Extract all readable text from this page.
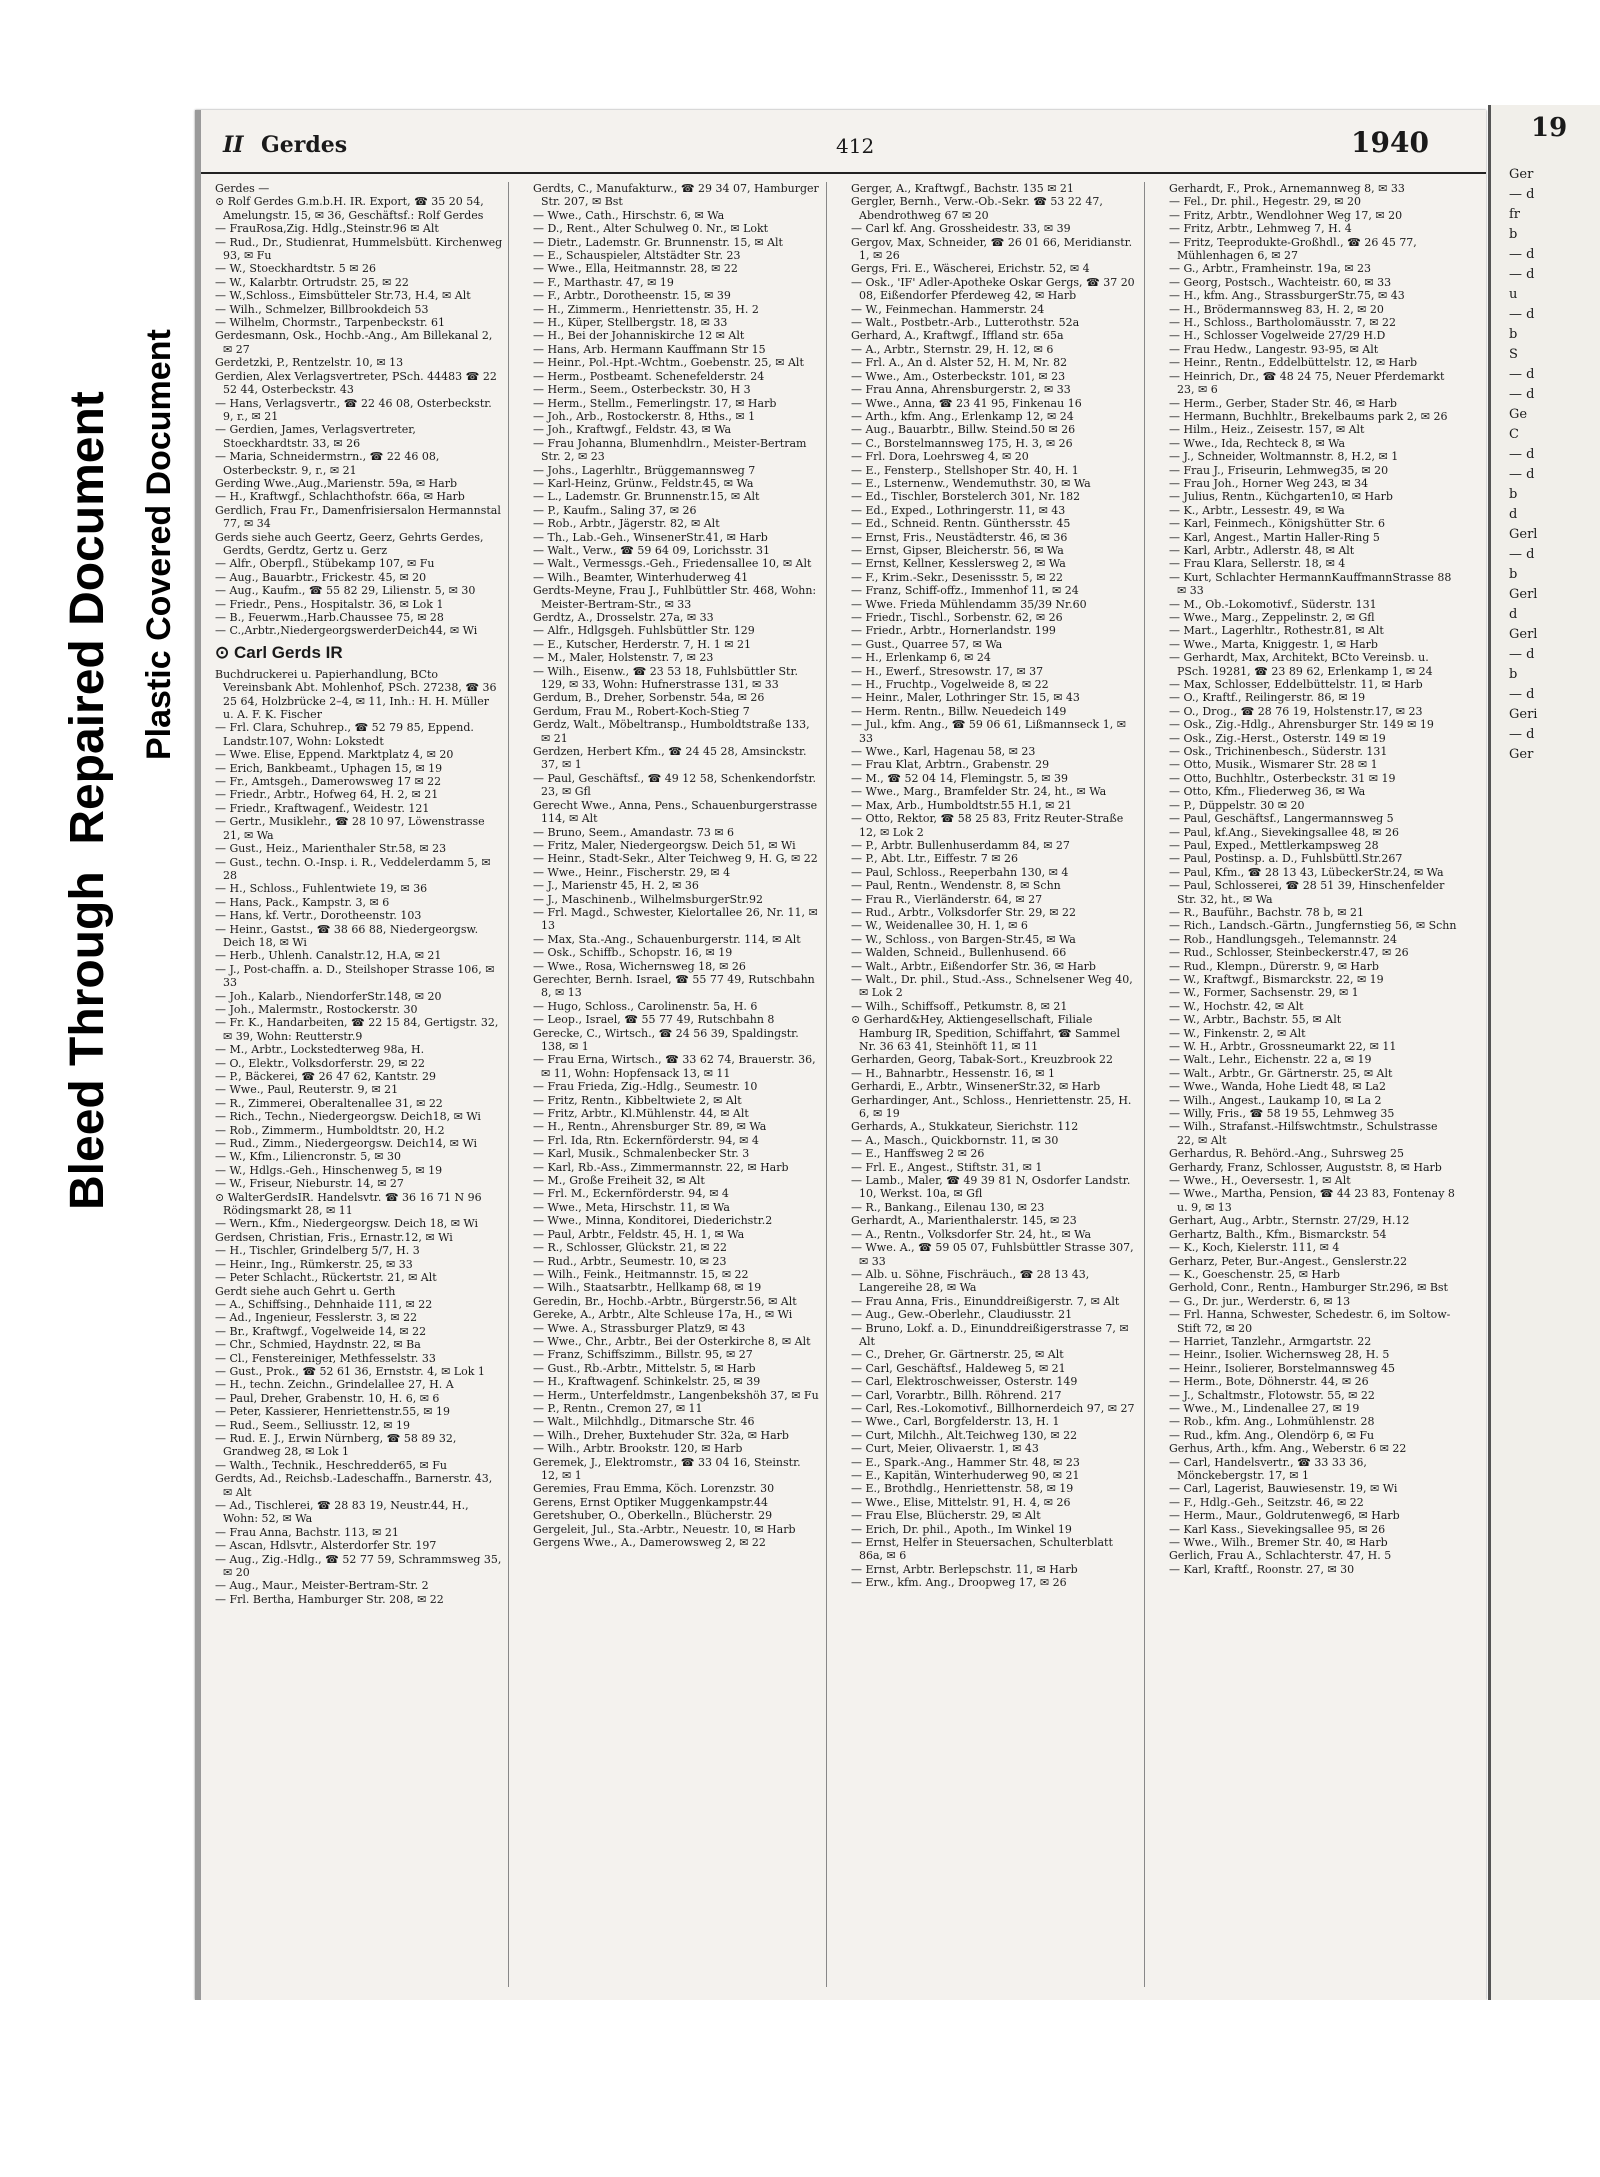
Bleed Through  Repaired Document Plastic Covered Document
II Gerdes	412	1940

Gerdes —

⊙ Rolf Gerdes G.m.b.H. IR. Export, ☎ 35 20 54, Amelungstr. 15, ✉ 36, Geschäftsf.: Rolf Gerdes

— FrauRosa,Zig. Hdlg.,Steinstr.96 ✉ Alt

— Rud., Dr., Studienrat, Hummelsbütt. Kirchenweg 93, ✉ Fu

— W., Stoeckhardtstr. 5 ✉ 26

— W., Kalarbtr. Ortrudstr. 25, ✉ 22

— W.,Schloss., Eimsbütteler Str.73, H.4, ✉ Alt

— Wilh., Schmelzer, Billbrookdeich 53

— Wilhelm, Chormstr., Tarpenbeckstr. 61

Gerdesmann, Osk., Hochb.-Ang., Am Billekanal 2, ✉ 27

Gerdetzki, P., Rentzelstr. 10, ✉ 13

Gerdien, Alex Verlagsvertreter, PSch. 44483 ☎ 22 52 44, Osterbeckstr. 43

— Hans, Verlagsvertr., ☎ 22 46 08, Osterbeckstr. 9, r., ✉ 21

— Gerdien, James, Verlagsvertreter, Stoeckhardtstr. 33, ✉ 26

— Maria, Schneidermstrn., ☎ 22 46 08, Osterbeckstr. 9, r., ✉ 21

Gerding Wwe.,Aug.,Marienstr. 59a, ✉ Harb

— H., Kraftwgf., Schlachthofstr. 66a, ✉ Harb

Gerdlich, Frau Fr., Damenfrisiersalon Hermannstal 77, ✉ 34

Gerds siehe auch Geertz, Geerz, Gehrts Gerdes, Gerdts, Gerdtz, Gertz u. Gerz

— Alfr., Oberpfl., Stübekamp 107, ✉ Fu

— Aug., Bauarbtr., Frickestr. 45, ✉ 20

— Aug., Kaufm., ☎ 55 82 29, Lilienstr. 5, ✉ 30

— Friedr., Pens., Hospitalstr. 36, ✉ Lok 1

— B., Feuerwm.,Harb.Chaussee 75, ✉ 28

— C.,Arbtr.,NiedergeorgswerderDeich44, ✉ Wi

⊙ Carl Gerds IR

Buchdruckerei u. Papierhandlung, BCto Vereinsbank Abt. Mohlenhof, PSch. 27238, ☎ 36 25 64, Holzbrücke 2–4, ✉ 11, Inh.: H. H. Müller u. A. F. K. Fischer

— Frl. Clara, Schuhrep., ☎ 52 79 85, Eppend. Landstr.107, Wohn: Lokstedt

— Wwe. Elise, Eppend. Marktplatz 4, ✉ 20

— Erich, Bankbeamt., Uphagen 15, ✉ 19

— Fr., Amtsgeh., Damerowsweg 17 ✉ 22

— Friedr., Arbtr., Hofweg 64, H. 2, ✉ 21

— Friedr., Kraftwagenf., Weidestr. 121

— Gertr., Musiklehr., ☎ 28 10 97, Löwenstrasse 21, ✉ Wa

— Gust., Heiz., Marienthaler Str.58, ✉ 23

— Gust., techn. O.-Insp. i. R., Veddelerdamm 5, ✉ 28

— H., Schloss., Fuhlentwiete 19, ✉ 36

— Hans, Pack., Kampstr. 3, ✉ 6

— Hans, kf. Vertr., Dorotheenstr. 103

— Heinr., Gastst., ☎ 38 66 88, Niedergeorgsw. Deich 18, ✉ Wi

— Herb., Uhlenh. Canalstr.12, H.A, ✉ 21

— J., Post-chaffn. a. D., Steilshoper Strasse 106, ✉ 33

— Joh., Kalarb., NiendorferStr.148, ✉ 20

— Joh., Malermstr., Rostockerstr. 30

— Fr. K., Handarbeiten, ☎ 22 15 84, Gertigstr. 32, ✉ 39, Wohn: Reutterstr.9

— M., Arbtr., Lockstedterweg 98a, H.

— O., Elektr., Volksdorferstr. 29, ✉ 22

— P., Bäckerei, ☎ 26 47 62, Kantstr. 29

— Wwe., Paul, Reuterstr. 9, ✉ 21

— R., Zimmerei, Oberaltenallee 31, ✉ 22

— Rich., Techn., Niedergeorgsw. Deich18, ✉ Wi

— Rob., Zimmerm., Humboldtstr. 20, H.2

— Rud., Zimm., Niedergeorgsw. Deich14, ✉ Wi

— W., Kfm., Liliencronstr. 5, ✉ 30

— W., Hdlgs.-Geh., Hinschenweg 5, ✉ 19

— W., Friseur, Nieburstr. 14, ✉ 27

⊙ WalterGerdsIR. Handelsvtr. ☎ 36 16 71 N 96 Rödingsmarkt 28, ✉ 11

— Wern., Kfm., Niedergeorgsw. Deich 18, ✉ Wi

Gerdsen, Christian, Fris., Ernastr.12, ✉ Wi

— H., Tischler, Grindelberg 5/7, H. 3

— Heinr., Ing., Rümkerstr. 25, ✉ 33

— Peter Schlacht., Rückertstr. 21, ✉ Alt

Gerdt siehe auch Gehrt u. Gerth

— A., Schiffsing., Dehnhaide 111, ✉ 22

— Ad., Ingenieur, Fesslerstr. 3, ✉ 22

— Br., Kraftwgf., Vogelweide 14, ✉ 22

— Chr., Schmied, Haydnstr. 22, ✉ Ba

— Cl., Fenstereiniger, Methfesselstr. 33

— Gust., Prok., ☎ 52 61 36, Ernststr. 4, ✉ Lok 1

— H., techn. Zeichn., Grindelallee 27, H. A

— Paul, Dreher, Grabenstr. 10, H. 6, ✉ 6

— Peter, Kassierer, Henriettenstr.55, ✉ 19

— Rud., Seem., Selliusstr. 12, ✉ 19

— Rud. E. J., Erwin Nürnberg, ☎ 58 89 32, Grandweg 28, ✉ Lok 1

— Walth., Technik., Heschredder65, ✉ Fu

Gerdts, Ad., Reichsb.-Ladeschaffn., Barnerstr. 43, ✉ Alt

— Ad., Tischlerei, ☎ 28 83 19, Neustr.44, H., Wohn: 52, ✉ Wa

— Frau Anna, Bachstr. 113, ✉ 21

— Ascan, Hdlsvtr., Alsterdorfer Str. 197

— Aug., Zig.-Hdlg., ☎ 52 77 59, Schrammsweg 35, ✉ 20

— Aug., Maur., Meister-Bertram-Str. 2

— Frl. Bertha, Hamburger Str. 208, ✉ 22

Gerdts, C., Manufakturw., ☎ 29 34 07, Hamburger Str. 207, ✉ Bst

— Wwe., Cath., Hirschstr. 6, ✉ Wa

— D., Rent., Alter Schulweg 0. Nr., ✉ Lokt

— Dietr., Lademstr. Gr. Brunnenstr. 15, ✉ Alt

— E., Schauspieler, Altstädter Str. 23

— Wwe., Ella, Heitmannstr. 28, ✉ 22

— F., Marthastr. 47, ✉ 19

— F., Arbtr., Dorotheenstr. 15, ✉ 39

— H., Zimmerm., Henriettenstr. 35, H. 2

— H., Küper, Stellbergstr. 18, ✉ 33

— H., Bei der Johanniskirche 12 ✉ Alt

— Hans, Arb. Hermann Kauffmann Str 15

— Heinr., Pol.-Hpt.-Wchtm., Goebenstr. 25, ✉ Alt

— Herm., Postbeamt. Schenefelderstr. 24

— Herm., Seem., Osterbeckstr. 30, H 3

— Herm., Stellm., Femerlingstr. 17, ✉ Harb

— Joh., Arb., Rostockerstr. 8, Hths., ✉ 1

— Joh., Kraftwgf., Feldstr. 43, ✉ Wa

— Frau Johanna, Blumenhdlrn., Meister-Bertram Str. 2, ✉ 23

— Johs., Lagerhltr., Brüggemannsweg 7

— Karl-Heinz, Grünw., Feldstr.45, ✉ Wa

— L., Lademstr. Gr. Brunnenstr.15, ✉ Alt

— P., Kaufm., Saling 37, ✉ 26

— Rob., Arbtr., Jägerstr. 82, ✉ Alt

— Th., Lab.-Geh., WinsenerStr.41, ✉ Harb

— Walt., Verw., ☎ 59 64 09, Lorichsstr. 31

— Walt., Vermessgs.-Geh., Friedensallee 10, ✉ Alt

— Wilh., Beamter, Winterhuderweg 41

Gerdts-Meyne, Frau J., Fuhlbüttler Str. 468, Wohn: Meister-Bertram-Str., ✉ 33

Gerdtz, A., Drosselstr. 27a, ✉ 33

— Alfr., Hdlgsgeh. Fuhlsbüttler Str. 129

— E., Kutscher, Herderstr. 7, H. 1 ✉ 21

— M., Maler, Holstenstr. 7, ✉ 23

— Wilh., Eisenw., ☎ 23 53 18, Fuhlsbüttler Str. 129, ✉ 33, Wohn: Hufnerstrasse 131, ✉ 33

Gerdum, B., Dreher, Sorbenstr. 54a, ✉ 26

Gerdum, Frau M., Robert-Koch-Stieg 7

Gerdz, Walt., Möbeltransp., Humboldtstraße 133, ✉ 21

Gerdzen, Herbert Kfm., ☎ 24 45 28, Amsinckstr. 37, ✉ 1

— Paul, Geschäftsf., ☎ 49 12 58, Schenkendorfstr. 23, ✉ Gfl

Gerecht Wwe., Anna, Pens., Schauenburgerstrasse 114, ✉ Alt

— Bruno, Seem., Amandastr. 73 ✉ 6

— Fritz, Maler, Niedergeorgsw. Deich 51, ✉ Wi

— Heinr., Stadt-Sekr., Alter Teichweg 9, H. G, ✉ 22

— Wwe., Heinr., Fischerstr. 29, ✉ 4

— J., Marienstr 45, H. 2, ✉ 36

— J., Maschinenb., WilhelmsburgerStr.92

— Frl. Magd., Schwester, Kielortallee 26, Nr. 11, ✉ 13

— Max, Sta.-Ang., Schauenburgerstr. 114, ✉ Alt

— Osk., Schiffb., Schopstr. 16, ✉ 19

— Wwe., Rosa, Wichernsweg 18, ✉ 26

Gerechter, Bernh. Israel, ☎ 55 77 49, Rutschbahn 8, ✉ 13

— Hugo, Schloss., Carolinenstr. 5a, H. 6

— Leop., Israel, ☎ 55 77 49, Rutschbahn 8

Gerecke, C., Wirtsch., ☎ 24 56 39, Spaldingstr. 138, ✉ 1

— Frau Erna, Wirtsch., ☎ 33 62 74, Brauerstr. 36, ✉ 11, Wohn: Hopfensack 13, ✉ 11

— Frau Frieda, Zig.-Hdlg., Seumestr. 10

— Fritz, Rentn., Kibbeltwiete 2, ✉ Alt

— Fritz, Arbtr., Kl.Mühlenstr. 44, ✉ Alt

— H., Rentn., Ahrensburger Str. 89, ✉ Wa

— Frl. Ida, Rtn. Eckernförderstr. 94, ✉ 4

— Karl, Musik., Schmalenbecker Str. 3

— Karl, Rb.-Ass., Zimmermannstr. 22, ✉ Harb

— M., Große Freiheit 32, ✉ Alt

— Frl. M., Eckernförderstr. 94, ✉ 4

— Wwe., Meta, Hirschstr. 11, ✉ Wa

— Wwe., Minna, Konditorei, Diederichstr.2

— Paul, Arbtr., Feldstr. 45, H. 1, ✉ Wa

— R., Schlosser, Glückstr. 21, ✉ 22

— Rud., Arbtr., Seumestr. 10, ✉ 23

— Wilh., Feink., Heitmannstr. 15, ✉ 22

— Wilh., Staatsarbtr., Hellkamp 68, ✉ 19

Geredin, Br., Hochb.-Arbtr., Bürgerstr.56, ✉ Alt

Gereke, A., Arbtr., Alte Schleuse 17a, H., ✉ Wi

— Wwe. A., Strassburger Platz9, ✉ 43

— Wwe., Chr., Arbtr., Bei der Osterkirche 8, ✉ Alt

— Franz, Schiffszimm., Billstr. 95, ✉ 27

— Gust., Rb.-Arbtr., Mittelstr. 5, ✉ Harb

— H., Kraftwagenf. Schinkelstr. 25, ✉ 39

— Herm., Unterfeldmstr., Langenbekshöh 37, ✉ Fu

— P., Rentn., Cremon 27, ✉ 11

— Walt., Milchhdlg., Ditmarsche Str. 46

— Wilh., Dreher, Buxtehuder Str. 32a, ✉ Harb

— Wilh., Arbtr. Brookstr. 120, ✉ Harb

Geremek, J., Elektromstr., ☎ 33 04 16, Steinstr. 12, ✉ 1

Geremies, Frau Emma, Köch. Lorenzstr. 30

Gerens, Ernst Optiker Muggenkampstr.44

Geretshuber, O., Oberkelln., Blücherstr. 29

Gergeleit, Jul., Sta.-Arbtr., Neuestr. 10, ✉ Harb

Gergens Wwe., A., Damerowsweg 2, ✉ 22

Gerger, A., Kraftwgf., Bachstr. 135 ✉ 21

Gergler, Bernh., Verw.-Ob.-Sekr. ☎ 53 22 47, Abendrothweg 67 ✉ 20

— Carl kf. Ang. Grossheidestr. 33, ✉ 39

Gergov, Max, Schneider, ☎ 26 01 66, Meridianstr. 1, ✉ 26

Gergs, Fri. E., Wäscherei, Erichstr. 52, ✉ 4

— Osk., 'IF' Adler-Apotheke Oskar Gergs, ☎ 37 20 08, Eißendorfer Pferdeweg 42, ✉ Harb

— W., Feinmechan. Hammerstr. 24

— Walt., Postbetr.-Arb., Lutterothstr. 52a

Gerhard, A., Kraftwgf., Iffland str. 65a

— A., Arbtr., Sternstr. 29, H. 12, ✉ 6

— Frl. A., An d. Alster 52, H. M, Nr. 82

— Wwe., Am., Osterbeckstr. 101, ✉ 23

— Frau Anna, Ahrensburgerstr. 2, ✉ 33

— Wwe., Anna, ☎ 23 41 95, Finkenau 16

— Arth., kfm. Ang., Erlenkamp 12, ✉ 24

— Aug., Bauarbtr., Billw. Steind.50 ✉ 26

— C., Borstelmannsweg 175, H. 3, ✉ 26

— Frl. Dora, Loehrsweg 4, ✉ 20

— E., Fensterp., Stellshoper Str. 40, H. 1

— E., Lsternenw., Wendemuthstr. 30, ✉ Wa

— Ed., Tischler, Borstelerch 301, Nr. 182

— Ed., Exped., Lothringerstr. 11, ✉ 43

— Ed., Schneid. Rentn. Günthersstr. 45

— Ernst, Fris., Neustädterstr. 46, ✉ 36

— Ernst, Gipser, Bleicherstr. 56, ✉ Wa

— Ernst, Kellner, Kesslersweg 2, ✉ Wa

— F., Krim.-Sekr., Desenissstr. 5, ✉ 22

— Franz, Schiff-offz., Immenhof 11, ✉ 24

— Wwe. Frieda Mühlendamm 35/39 Nr.60

— Friedr., Tischl., Sorbenstr. 62, ✉ 26

— Friedr., Arbtr., Hornerlandstr. 199

— Gust., Quarree 57, ✉ Wa

— H., Erlenkamp 6, ✉ 24

— H., Ewerf., Stresowstr. 17, ✉ 37

— H., Fruchtp., Vogelweide 8, ✉ 22

— Heinr., Maler, Lothringer Str. 15, ✉ 43

— Herm. Rentn., Billw. Neuedeich 149

— Jul., kfm. Ang., ☎ 59 06 61, Lißmannseck 1, ✉ 33

— Wwe., Karl, Hagenau 58, ✉ 23

— Frau Klat, Arbtrn., Grabenstr. 29

— M., ☎ 52 04 14, Flemingstr. 5, ✉ 39

— Wwe., Marg., Bramfelder Str. 24, ht., ✉ Wa

— Max, Arb., Humboldtstr.55 H.1, ✉ 21

— Otto, Rektor, ☎ 58 25 83, Fritz Reuter-Straße 12, ✉ Lok 2

— P., Arbtr. Bullenhuserdamm 84, ✉ 27

— P., Abt. Ltr., Eiffestr. 7 ✉ 26

— Paul, Schloss., Reeperbahn 130, ✉ 4

— Paul, Rentn., Wendenstr. 8, ✉ Schn

— Frau R., Vierländerstr. 64, ✉ 27

— Rud., Arbtr., Volksdorfer Str. 29, ✉ 22

— W., Weidenallee 30, H. 1, ✉ 6

— W., Schloss., von Bargen-Str.45, ✉ Wa

— Walden, Schneid., Bullenhusend. 66

— Walt., Arbtr., Eißendorfer Str. 36, ✉ Harb

— Walt., Dr. phil., Stud.-Ass., Schnelsener Weg 40, ✉ Lok 2

— Wilh., Schiffsoff., Petkumstr. 8, ✉ 21

⊙ Gerhard&Hey, Aktiengesellschaft, Filiale Hamburg IR, Spedition, Schiffahrt, ☎ Sammel Nr. 36 63 41, Steinhöft 11, ✉ 11

Gerharden, Georg, Tabak-Sort., Kreuzbrook 22

— H., Bahnarbtr., Hessenstr. 16, ✉ 1

Gerhardi, E., Arbtr., WinsenerStr.32, ✉ Harb

Gerhardinger, Ant., Schloss., Henriettenstr. 25, H. 6, ✉ 19

Gerhards, A., Stukkateur, Sierichstr. 112

— A., Masch., Quickbornstr. 11, ✉ 30

— E., Hanffsweg 2 ✉ 26

— Frl. E., Angest., Stiftstr. 31, ✉ 1

— Lamb., Maler, ☎ 49 39 81 N, Osdorfer Landstr. 10, Werkst. 10a, ✉ Gfl

— R., Bankang., Eilenau 130, ✉ 23

Gerhardt, A., Marienthalerstr. 145, ✉ 23

— A., Rentn., Volksdorfer Str. 24, ht., ✉ Wa

— Wwe. A., ☎ 59 05 07, Fuhlsbüttler Strasse 307, ✉ 33

— Alb. u. Söhne, Fischräuch., ☎ 28 13 43, Langereihe 28, ✉ Wa

— Frau Anna, Fris., Einunddreißigerstr. 7, ✉ Alt

— Aug., Gew.-Oberlehr., Claudiusstr. 21

— Bruno, Lokf. a. D., Einunddreißigerstrasse 7, ✉ Alt

— C., Dreher, Gr. Gärtnerstr. 25, ✉ Alt

— Carl, Geschäftsf., Haldeweg 5, ✉ 21

— Carl, Elektroschweisser, Osterstr. 149

— Carl, Vorarbtr., Billh. Röhrend. 217

— Carl, Res.-Lokomotivf., Billhornerdeich 97, ✉ 27

— Wwe., Carl, Borgfelderstr. 13, H. 1

— Curt, Milchh., Alt.Teichweg 130, ✉ 22

— Curt, Meier, Olivaerstr. 1, ✉ 43

— E., Spark.-Ang., Hammer Str. 48, ✉ 23

— E., Kapitän, Winterhuderweg 90, ✉ 21

— E., Brothdlg., Henriettenstr. 58, ✉ 19

— Wwe., Elise, Mittelstr. 91, H. 4, ✉ 26

— Frau Else, Blücherstr. 29, ✉ Alt

— Erich, Dr. phil., Apoth., Im Winkel 19

— Ernst, Helfer in Steuersachen, Schulterblatt 86a, ✉ 6

— Ernst, Arbtr. Berlepschstr. 11, ✉ Harb

— Erw., kfm. Ang., Droopweg 17, ✉ 26

Gerhardt, F., Prok., Arnemannweg 8, ✉ 33

— Fel., Dr. phil., Hegestr. 29, ✉ 20

— Fritz, Arbtr., Wendlohner Weg 17, ✉ 20

— Fritz, Arbtr., Lehmweg 7, H. 4

— Fritz, Teeprodukte-Großhdl., ☎ 26 45 77, Mühlenhagen 6, ✉ 27

— G., Arbtr., Framheinstr. 19a, ✉ 23

— Georg, Postsch., Wachteistr. 60, ✉ 33

— H., kfm. Ang., StrassburgerStr.75, ✉ 43

— H., Brödermannsweg 83, H. 2, ✉ 20

— H., Schloss., Bartholomäusstr. 7, ✉ 22

— H., Schlosser Vogelweide 27/29 H.D

— Frau Hedw., Langestr. 93-95, ✉ Alt

— Heinr., Rentn., Eddelbüttelstr. 12, ✉ Harb

— Heinrich, Dr., ☎ 48 24 75, Neuer Pferdemarkt 23, ✉ 6

— Herm., Gerber, Stader Str. 46, ✉ Harb

— Hermann, Buchhltr., Brekelbaums park 2, ✉ 26

— Hilm., Heiz., Zeisestr. 157, ✉ Alt

— Wwe., Ida, Rechteck 8, ✉ Wa

— J., Schneider, Woltmannstr. 8, H.2, ✉ 1

— Frau J., Friseurin, Lehmweg35, ✉ 20

— Frau Joh., Horner Weg 243, ✉ 34

— Julius, Rentn., Küchgarten10, ✉ Harb

— K., Arbtr., Lessestr. 49, ✉ Wa

— Karl, Feinmech., Königshütter Str. 6

— Karl, Angest., Martin Haller-Ring 5

— Karl, Arbtr., Adlerstr. 48, ✉ Alt

— Frau Klara, Sellerstr. 18, ✉ 4

— Kurt, Schlachter HermannKauffmannStrasse 88 ✉ 33

— M., Ob.-Lokomotivf., Süderstr. 131

— Wwe., Marg., Zeppelinstr. 2, ✉ Gfl

— Mart., Lagerhltr., Rothestr.81, ✉ Alt

— Wwe., Marta, Kniggestr. 1, ✉ Harb

— Gerhardt, Max, Architekt, BCto Vereinsb. u. PSch. 19281, ☎ 23 89 62, Erlenkamp 1, ✉ 24

— Max, Schlosser, Eddelbüttelstr. 11, ✉ Harb

— O., Kraftf., Reilingerstr. 86, ✉ 19

— O., Drog., ☎ 28 76 19, Holstenstr.17, ✉ 23

— Osk., Zig.-Hdlg., Ahrensburger Str. 149 ✉ 19

— Osk., Zig.-Herst., Osterstr. 149 ✉ 19

— Osk., Trichinenbesch., Süderstr. 131

— Otto, Musik., Wismarer Str. 28 ✉ 1

— Otto, Buchhltr., Osterbeckstr. 31 ✉ 19

— Otto, Kfm., Fliederweg 36, ✉ Wa

— P., Düppelstr. 30 ✉ 20

— Paul, Geschäftsf., Langermannsweg 5

— Paul, kf.Ang., Sievekingsallee 48, ✉ 26

— Paul, Exped., Mettlerkampsweg 28

— Paul, Postinsp. a. D., Fuhlsbüttl.Str.267

— Paul, Kfm., ☎ 28 13 43, LübeckerStr.24, ✉ Wa

— Paul, Schlosserei, ☎ 28 51 39, Hinschenfelder Str. 32, ht., ✉ Wa

— R., Bauführ., Bachstr. 78 b, ✉ 21

— Rich., Landsch.-Gärtn., Jungfernstieg 56, ✉ Schn

— Rob., Handlungsgeh., Telemannstr. 24

— Rud., Schlosser, Steinbeckerstr.47, ✉ 26

— Rud., Klempn., Dürerstr. 9, ✉ Harb

— W., Kraftwgf., Bismarckstr. 22, ✉ 19

— W., Former, Sachsenstr. 29, ✉ 1

— W., Hochstr. 42, ✉ Alt

— W., Arbtr., Bachstr. 55, ✉ Alt

— W., Finkenstr. 2, ✉ Alt

— W. H., Arbtr., Grossneumarkt 22, ✉ 11

— Walt., Lehr., Eichenstr. 22 a, ✉ 19

— Walt., Arbtr., Gr. Gärtnerstr. 25, ✉ Alt

— Wwe., Wanda, Hohe Liedt 48, ✉ La2

— Wilh., Angest., Laukamp 10, ✉ La 2

— Willy, Fris., ☎ 58 19 55, Lehmweg 35

— Wilh., Strafanst.-Hilfswchtmstr., Schulstrasse 22, ✉ Alt

Gerhardus, R. Behörd.-Ang., Suhrsweg 25

Gerhardy, Franz, Schlosser, Auguststr. 8, ✉ Harb

— Wwe., H., Oeversestr. 1, ✉ Alt

— Wwe., Martha, Pension, ☎ 44 23 83, Fontenay 8 u. 9, ✉ 13

Gerhart, Aug., Arbtr., Sternstr. 27/29, H.12

Gerhartz, Balth., Kfm., Bismarckstr. 54

— K., Koch, Kielerstr. 111, ✉ 4

Gerharz, Peter, Bur.-Angest., Genslerstr.22

— K., Goeschenstr. 25, ✉ Harb

Gerhold, Conr., Rentn., Hamburger Str.296, ✉ Bst

— G., Dr. jur., Werderstr. 6, ✉ 13

— Frl. Hanna, Schwester, Schedestr. 6, im Soltow-Stift 72, ✉ 20

— Harriet, Tanzlehr., Armgartstr. 22

— Heinr., Isolier. Wichernsweg 28, H. 5

— Heinr., Isolierer, Borstelmannsweg 45

— Herm., Bote, Döhnerstr. 44, ✉ 26

— J., Schaltmstr., Flotowstr. 55, ✉ 22

— Wwe., M., Lindenallee 27, ✉ 19

— Rob., kfm. Ang., Lohmühlenstr. 28

— Rud., kfm. Ang., Olendörp 6, ✉ Fu

Gerhus, Arth., kfm. Ang., Weberstr. 6 ✉ 22

— Carl, Handelsvertr., ☎ 33 33 36, Mönckebergstr. 17, ✉ 1

— Carl, Lagerist, Bauwiesenstr. 19, ✉ Wi

— F., Hdlg.-Geh., Seitzstr. 46, ✉ 22

— Herm., Maur., Goldrutenweg6, ✉ Harb

— Karl Kass., Sievekingsallee 95, ✉ 26

— Wwe., Wilh., Bremer Str. 40, ✉ Harb

Gerlich, Frau A., Schlachterstr. 47, H. 5

— Karl, Kraftf., Roonstr. 27, ✉ 30

19
Ger
— d
fr
b
— d
— d
u
— d
b
S
— d
— d
Ge
C
— d
— d
b
d
Gerl
— d
b
Gerl
d
Gerl
— d
b
— d
Geri
— d
Ger
